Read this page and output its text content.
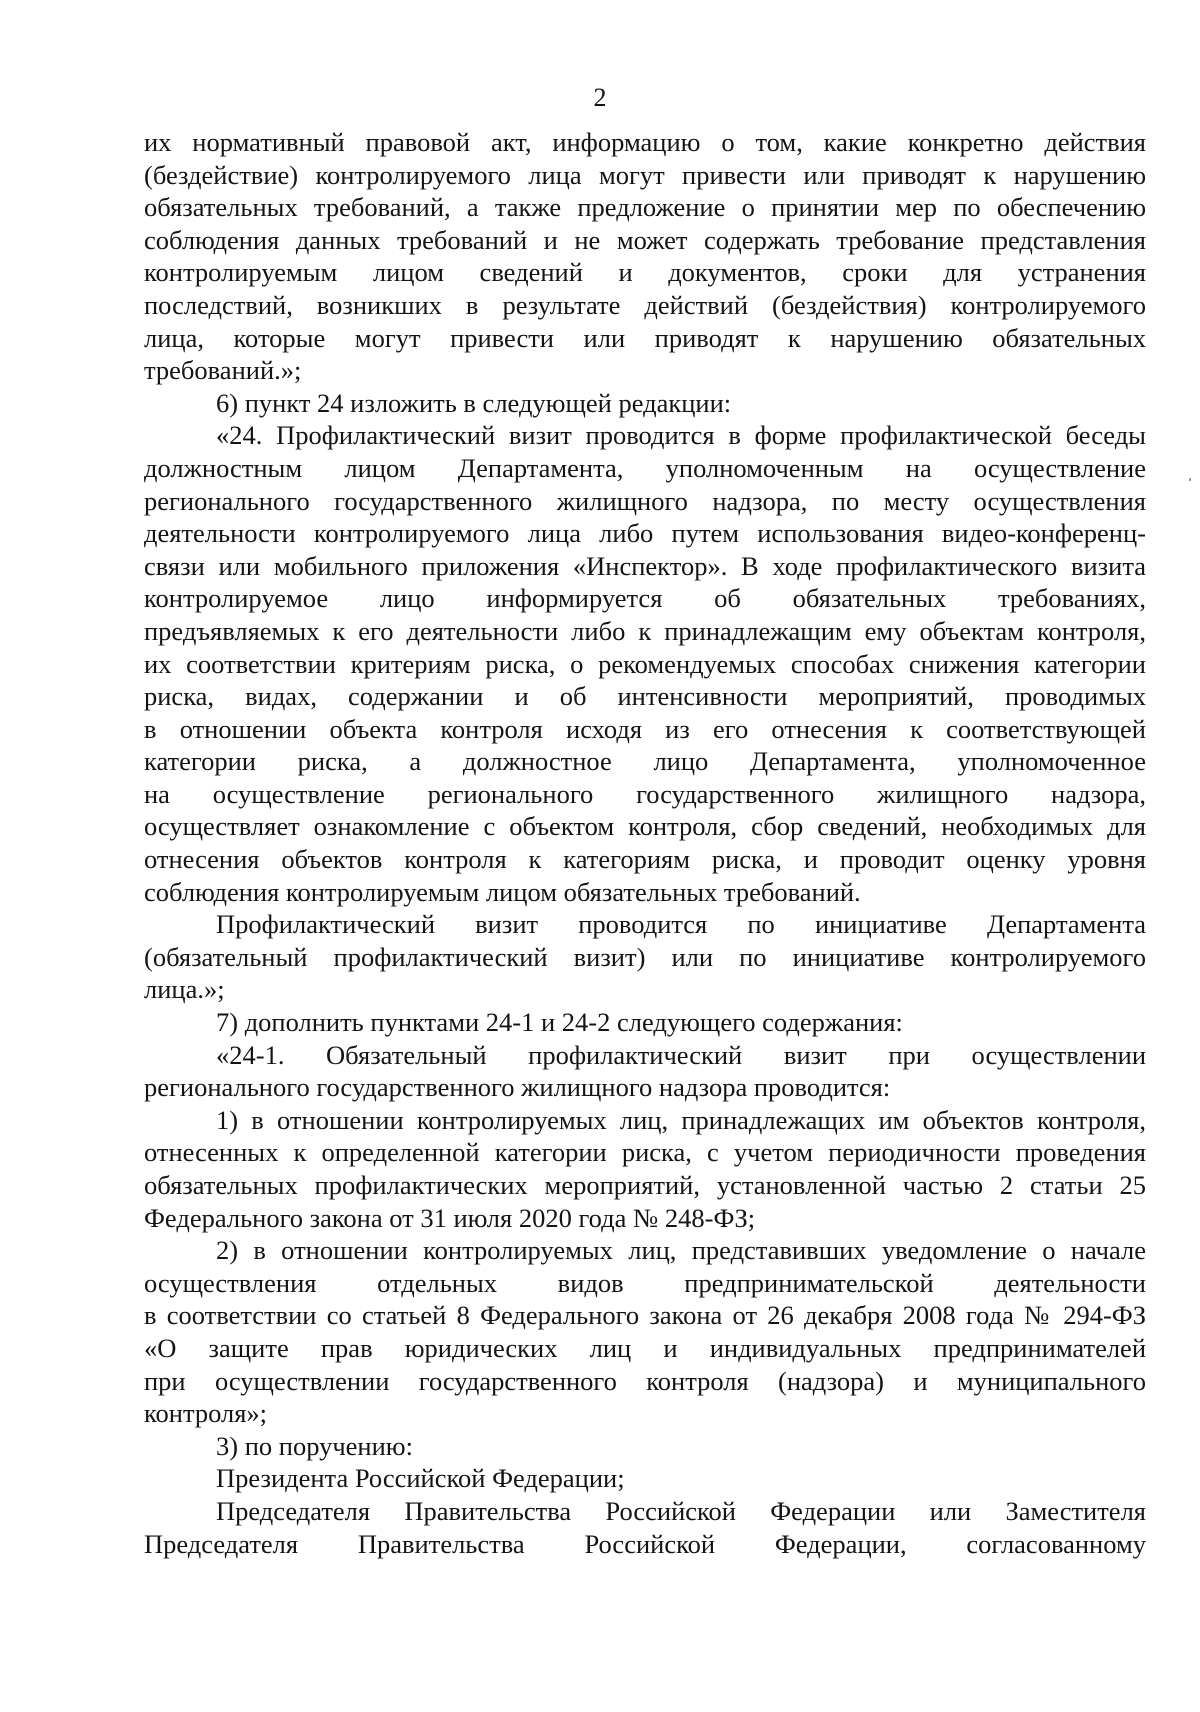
2
их нормативный правовой акт, информацию о том, какие конкретно действия
(бездействие) контролируемого лица могут привести или приводят к нарушению
обязательных требований, а также предложение о принятии мер по обеспечению
соблюдения данных требований и не может содержать требование представления
контролируемым лицом сведений и документов, сроки для устранения
последствий, возникших в результате действий (бездействия) контролируемого
лица, которые могут привести или приводят к нарушению обязательных
требований.»;
6) пункт 24 изложить в следующей редакции:
«24. Профилактический визит проводится в форме профилактической беседы
должностным лицом Департамента, уполномоченным на осуществление
регионального государственного жилищного надзора, по месту осуществления
деятельности контролируемого лица либо путем использования видео-конференц-
связи или мобильного приложения «Инспектор». В ходе профилактического визита
контролируемое лицо информируется об обязательных требованиях,
предъявляемых к его деятельности либо к принадлежащим ему объектам контроля,
их соответствии критериям риска, о рекомендуемых способах снижения категории
риска, видах, содержании и об интенсивности мероприятий, проводимых
в отношении объекта контроля исходя из его отнесения к соответствующей
категории риска, а должностное лицо Департамента, уполномоченное
на осуществление регионального государственного жилищного надзора,
осуществляет ознакомление с объектом контроля, сбор сведений, необходимых для
отнесения объектов контроля к категориям риска, и проводит оценку уровня
соблюдения контролируемым лицом обязательных требований.
Профилактический визит проводится по инициативе Департамента
(обязательный профилактический визит) или по инициативе контролируемого
лица.»;
7) дополнить пунктами 24-1 и 24-2 следующего содержания:
«24-1. Обязательный профилактический визит при осуществлении
регионального государственного жилищного надзора проводится:
1) в отношении контролируемых лиц, принадлежащих им объектов контроля,
отнесенных к определенной категории риска, с учетом периодичности проведения
обязательных профилактических мероприятий, установленной частью 2 статьи 25
Федерального закона от 31 июля 2020 года № 248-ФЗ;
2) в отношении контролируемых лиц, представивших уведомление о начале
осуществления отдельных видов предпринимательской деятельности
в соответствии со статьей 8 Федерального закона от 26 декабря 2008 года № 294-ФЗ
«О защите прав юридических лиц и индивидуальных предпринимателей
при осуществлении государственного контроля (надзора) и муниципального
контроля»;
3) по поручению:
Президента Российской Федерации;
Председателя Правительства Российской Федерации или Заместителя
Председателя Правительства Российской Федерации, согласованному
